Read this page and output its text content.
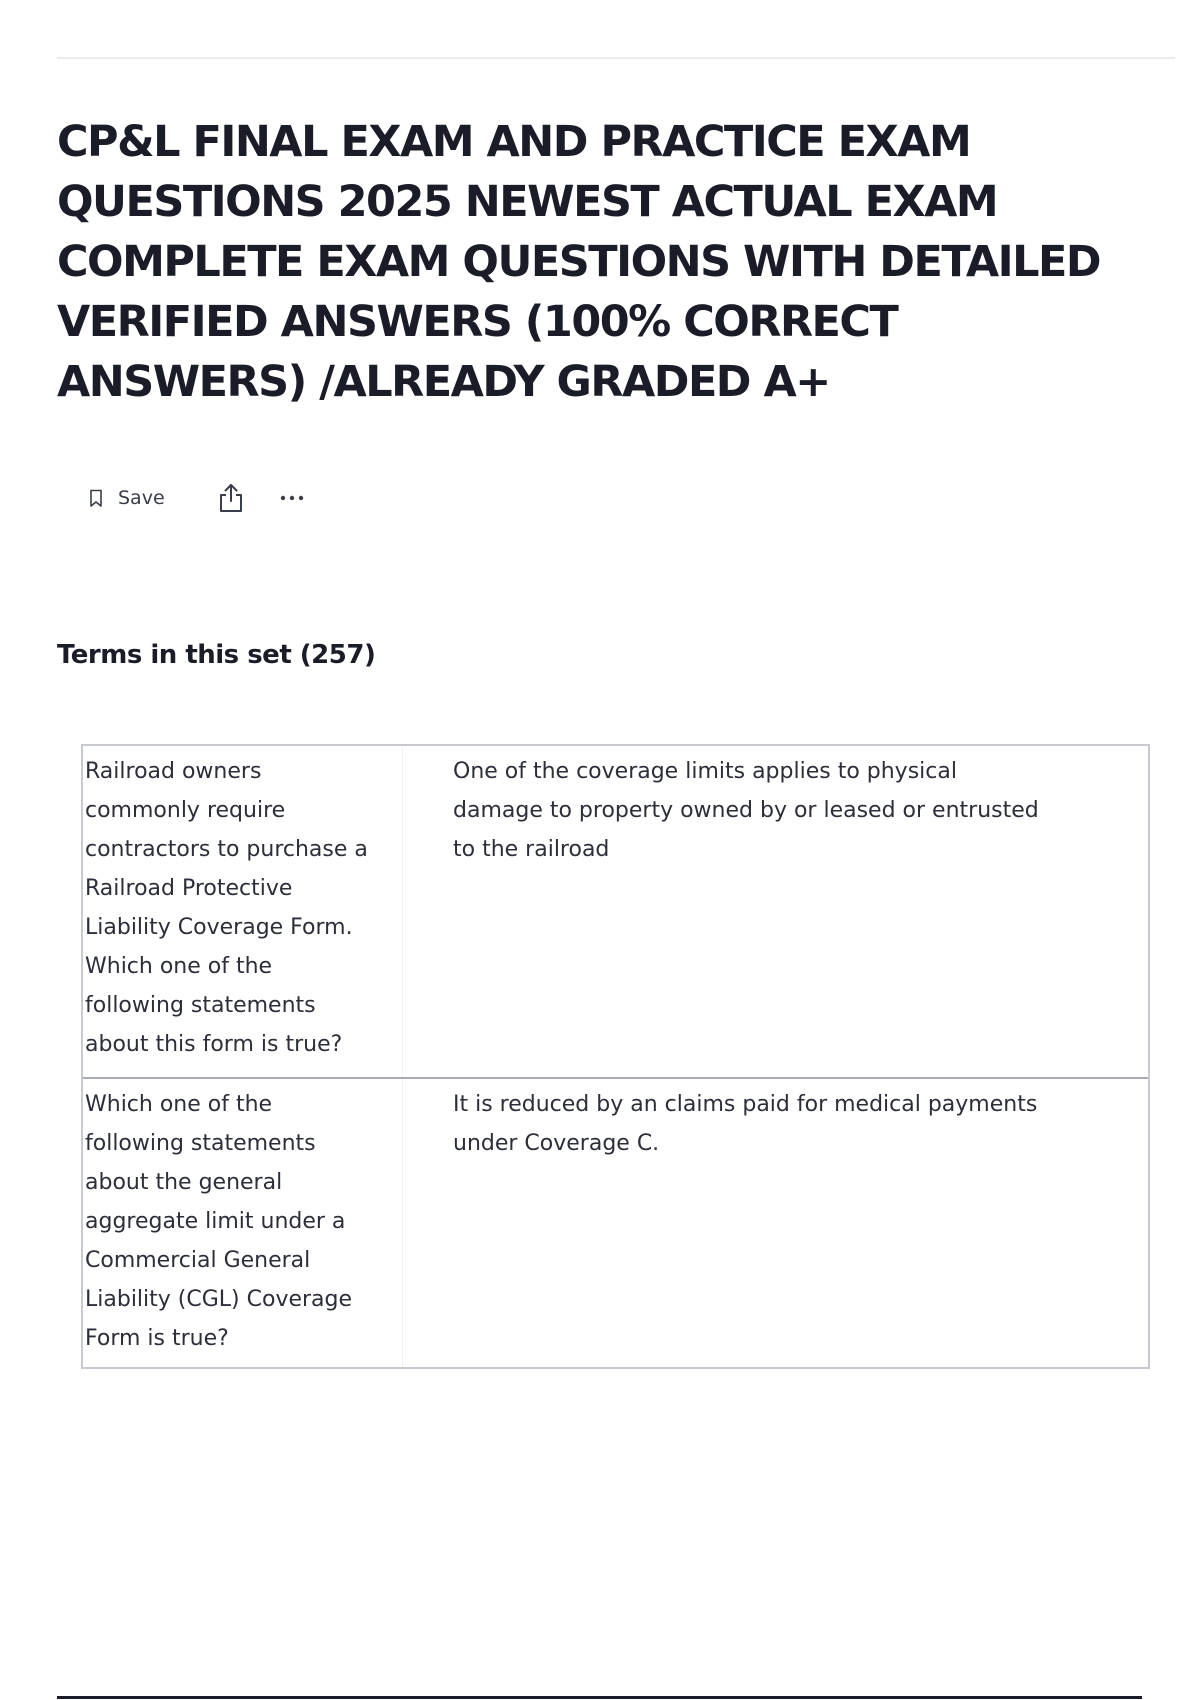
CP&L FINAL EXAM AND PRACTICE EXAM QUESTIONS 2025 NEWEST ACTUAL EXAM COMPLETE EXAM QUESTIONS WITH DETAILED VERIFIED ANSWERS (100% CORRECT ANSWERS) /ALREADY GRADED A+
Save
Terms in this set (257)
Railroad owners
commonly require
contractors to purchase a
Railroad Protective
Liability Coverage Form.
Which one of the
following statements
about this form is true?
One of the coverage limits applies to physical
damage to property owned by or leased or entrusted
to the railroad
Which one of the
following statements
about the general
aggregate limit under a
Commercial General
Liability (CGL) Coverage
Form is true?
It is reduced by an claims paid for medical payments
under Coverage C.
